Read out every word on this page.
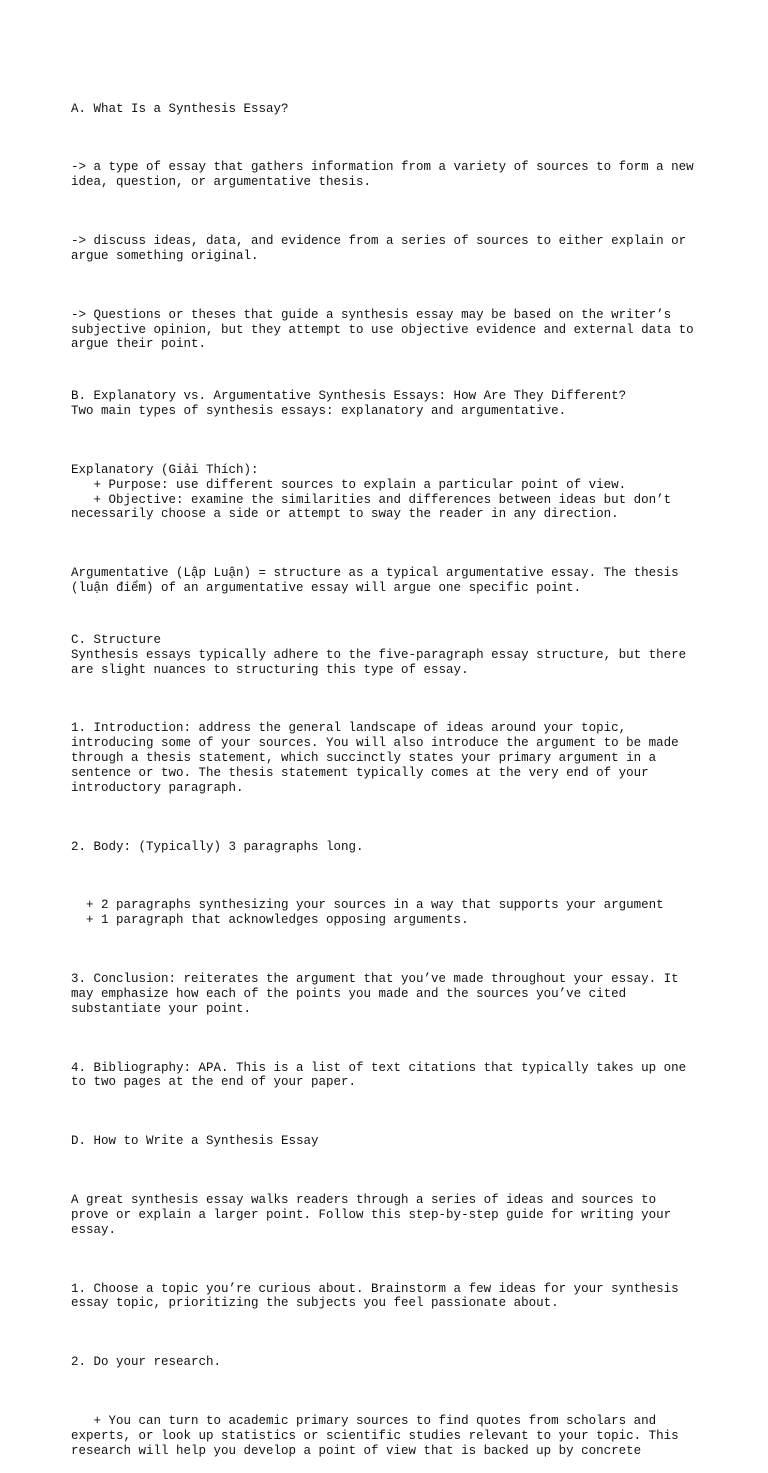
A. What Is a Synthesis Essay?

-> a type of essay that gathers information from a variety of sources to form a new
idea, question, or argumentative thesis.

-> discuss ideas, data, and evidence from a series of sources to either explain or
argue something original.

-> Questions or theses that guide a synthesis essay may be based on the writer’s
subjective opinion, but they attempt to use objective evidence and external data to
argue their point.

B. Explanatory vs. Argumentative Synthesis Essays: How Are They Different?
Two main types of synthesis essays: explanatory and argumentative.

Explanatory (Giải Thích):
+ Purpose: use different sources to explain a particular point of view.
+ Objective: examine the similarities and differences between ideas but don’t
necessarily choose a side or attempt to sway the reader in any direction.

Argumentative (Lập Luận) = structure as a typical argumentative essay. The thesis
(luận điểm) of an argumentative essay will argue one specific point.

C. Structure
Synthesis essays typically adhere to the five-paragraph essay structure, but there
are slight nuances to structuring this type of essay.

1. Introduction: address the general landscape of ideas around your topic,
introducing some of your sources. You will also introduce the argument to be made
through a thesis statement, which succinctly states your primary argument in a
sentence or two. The thesis statement typically comes at the very end of your
introductory paragraph.

2. Body: (Typically) 3 paragraphs long.

+ 2 paragraphs synthesizing your sources in a way that supports your argument
+ 1 paragraph that acknowledges opposing arguments.

3. Conclusion: reiterates the argument that you’ve made throughout your essay. It
may emphasize how each of the points you made and the sources you’ve cited
substantiate your point.

4. Bibliography: APA. This is a list of text citations that typically takes up one
to two pages at the end of your paper.

D. How to Write a Synthesis Essay

A great synthesis essay walks readers through a series of ideas and sources to
prove or explain a larger point. Follow this step-by-step guide for writing your
essay.

1. Choose a topic you’re curious about. Brainstorm a few ideas for your synthesis
essay topic, prioritizing the subjects you feel passionate about.

2. Do your research.

+ You can turn to academic primary sources to find quotes from scholars and
experts, or look up statistics or scientific studies relevant to your topic. This
research will help you develop a point of view that is backed up by concrete
